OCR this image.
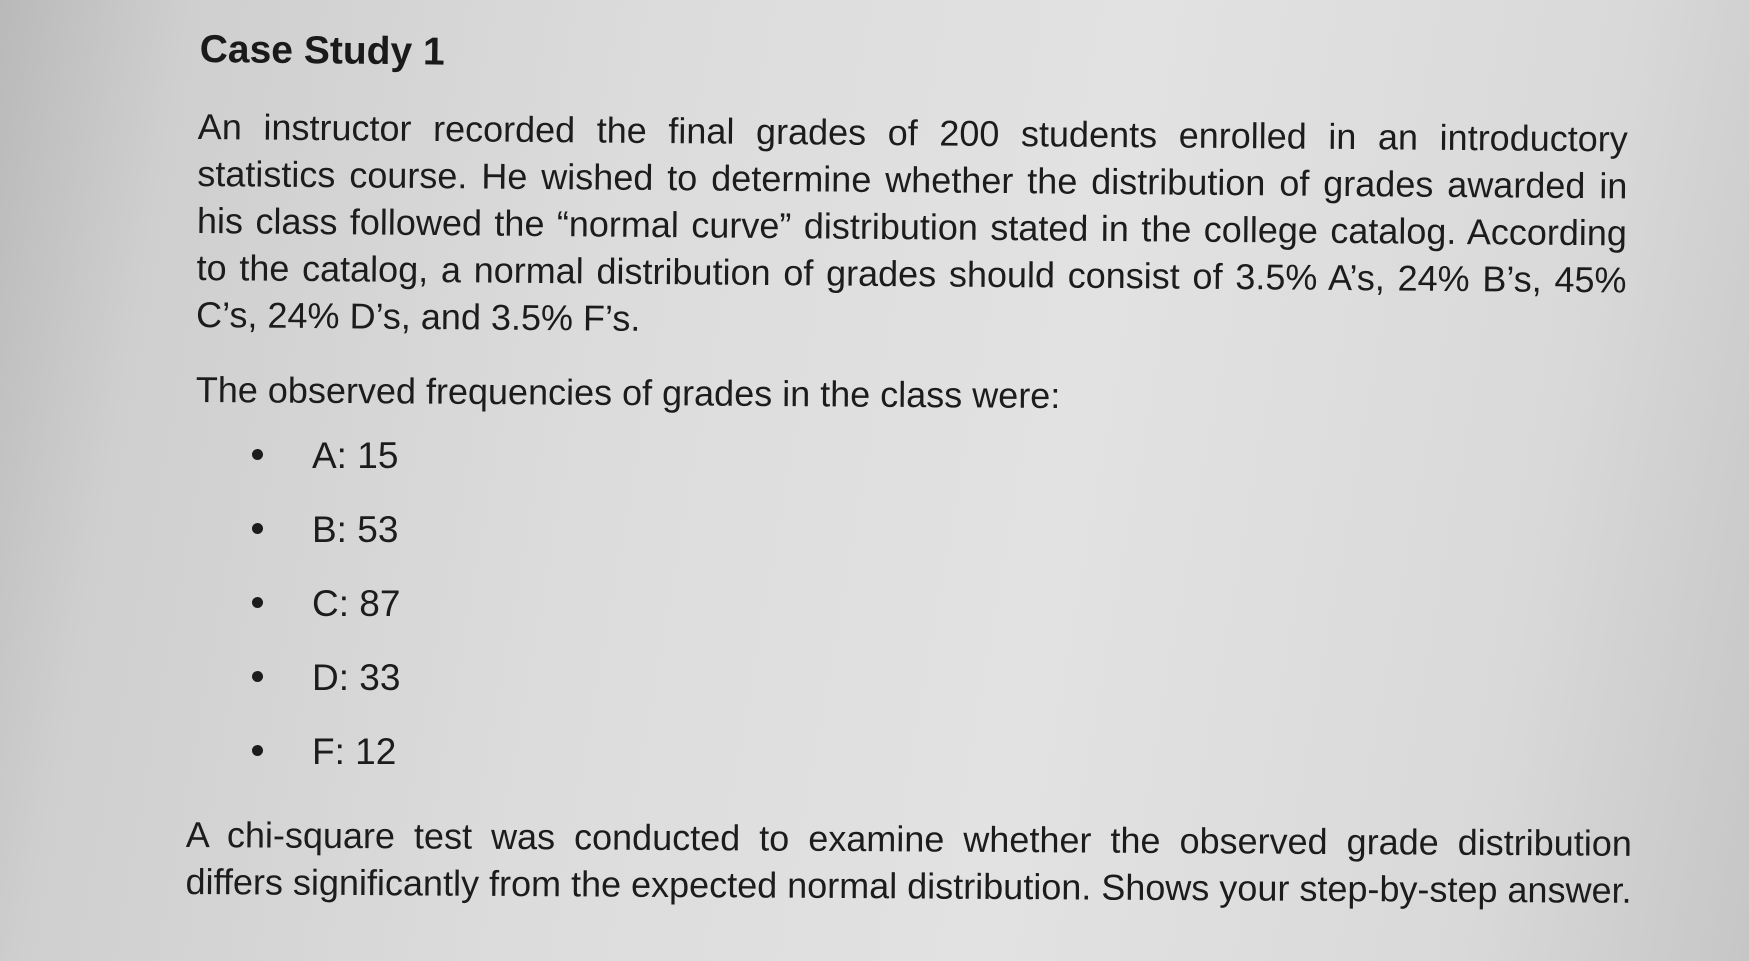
Case Study 1

An instructor recorded the final grades of 200 students enrolled in an introductory statistics course. He wished to determine whether the distribution of grades awarded in his class followed the “normal curve” distribution stated in the college catalog. According to the catalog, a normal distribution of grades should consist of 3.5% A’s, 24% B’s, 45% C’s, 24% D’s, and 3.5% F’s.

The observed frequencies of grades in the class were:

A: 15
B: 53
C: 87
D: 33
F: 12

A chi-square test was conducted to examine whether the observed grade distribution differs significantly from the expected normal distribution. Shows your step-by-step answer.
